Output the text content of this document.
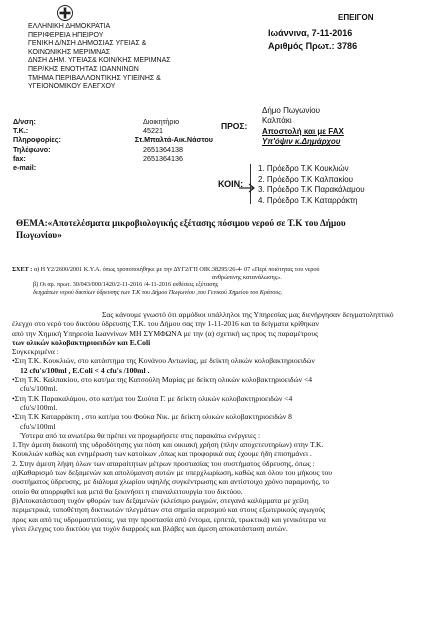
ΕΛΛΗΝΙΚΗ ΔΗΜΟΚΡΑΤΙΑ
ΠΕΡΙΦΕΡΕΙΑ ΗΠΕΙΡΟΥ
ΓΕΝΙΚΗ Δ/ΝΣΗ ΔΗΜΟΣΙΑΣ ΥΓΕΙΑΣ &
ΚΟΙΝΩΝΙΚΗΣ ΜΕΡΙΜΝΑΣ
ΔΝΣΗ ΔΗΜ. ΥΓΕΙΑΣ& ΚΟΙΝ/ΚΗΣ ΜΕΡΙΜΝΑΣ
ΠΕΡ/ΚΗΣ ΕΝΟΤΗΤΑΣ ΙΩΑΝΝΙΝΩΝ
ΤΜΗΜΑ ΠΕΡΙΒΑΛΛΟΝΤΙΚΗΣ ΥΓΙΕΙΝΗΣ &
ΥΓΕΙΟΝΟΜΙΚΟΥ ΕΛΕΓΧΟΥ
ΕΠΕΙΓΟΝ
Ιωάννινα, 7-11-2016
Αριθμός Πρωτ.: 3786
Δ/νση:	Διοικητήριο
Τ.Κ.:	45221
Πληροφορίες:	Στ.Μπαλτά-Αικ.Νάστου
Τηλέφωνο:	2651364138
fax:	2651364136
e-mail:
ΠΡΟΣ:
Δήμο Πωγωνίου
Καλπάκι
Αποστολή και με FAX
Υπ'όψιν κ.Δημάρχου
ΚΟΙΝ:
1. Πρόεδρο Τ.Κ Κουκλιών
2. Πρόεδρο Τ.Κ Καλπακίου
3. Πρόεδρο Τ.Κ Παρακάλαμου
4. Πρόεδρο Τ.Κ Καταρράκτη
ΘΕΜΑ:«Αποτελέσματα μικροβιολογικής εξέτασης πόσιμου νερού σε Τ.Κ του Δήμου
Πωγωνίου»
ΣΧΕΤ : α) Η Υ2/2600/2001 Κ.Υ.Α. όπως τροποποιήθηκε με την ΔΥΓ2/ΓΠ ΟΙΚ.38295/26-4- 07 «Περί ποιότητας του νερού
ανθρώπινης κατανάλωσης».
β) Οι αρ. πρωτ. 30/043/000/1420/2-11-2016 /4-11-2016 εκθέσεις εξέτασης
δειγμάτων νερού δικτύων ύδρευσης των Τ.Κ του Δήμου Πωγωνίου ,του Γενικού Χημείου του Κράτους.
Σας κάνουμε γνωστό ότι αρμόδιοι υπάλληλοι της Υπηρεσίας μας διενήργησαν δειγματοληπτικό
έλεγχο στο νερό του δικτύου ύδρευσης Τ.Κ. του Δήμου σας την 1-11-2016 και τα δείγματα κρίθηκαν
από την Χημική Υπηρεσία Ιωαννίνων ΜΗ ΣΥΜΦΩΝΑ με την (α) σχετική ως προς τις παραμέτρους
των ολικών κολοβακτηριοειδών και E.Coli
Συγκεκριμένα :
•Στη Τ.Κ. Κουκλιών, στο κατάστημα της Κονάνου Αντωνίας, με δείκτη ολικών κολοβακτηριοειδών
12 cfu's/100ml , E.Coli < 4 cfu's /100ml .
•Στη Τ.Κ. Καλπακίου, στο κατ/μα της Κατσούλη Μαρίας με δείκτη ολικών κολοβακτηριοειδών <4
cfu's/100ml.
•Στη Τ.Κ Παρακαλάμου, στο κατ/μα του Σιούτα Γ. με δείκτη ολικών κολοβακτηριοειδών <4
cfu's/100ml.
•Στη Τ.Κ Καταρράκτη , στο κατ/μα του Φούκα Νικ. με δείκτη ολικών κολοβακτηριοειδών 8
cfu's/100ml
Ύστερα από τα ανωτέρω θα πρέπει να προχωρήσετε στις παρακάτω ενέργειες :
1.Την άμεση διακοπή της υδροδότησης για πόση και οικιακή χρήση (πλην αποχετευτηρίων) στην Τ.Κ.
Κουκλιών καθώς και ενημέρωση των κατοίκων ,όπως και προφορικά σας έχουμε ήδη επισημάνει .
2. Στην άμεση λήψη όλων των απαραίτητων μέτρων προστασίας του συστήματος ύδρευσης, όπως :
α)Καθαρισμό των δεξαμενών και απολύμανση αυτών με υπερχλωρίωση, καθώς και όλου του μήκους του
συστήματος ύδρευσης, με διάλυμα χλωρίου υψηλής συγκέντρωσης και αντίστοιχο χρόνο παραμονής, το
οποίο θα απορριφθεί και μετά θα ξεκινήσει η επαναλειτουργία του δικτύου.
β)Αποκατάσταση τυχόν φθορών των δεξαμενών (κλείσιμο ρωγμών, στεγανά καλύμματα με χείλη
περιμετρικά, τοποθέτηση δικτυωτών πλεγμάτων στα σημεία αερισμού και στους εξωτερικούς αγωγούς
προς και από τις υδρομαστεύσεις, για την προστασία από έντομα, ερπετά, τρωκτικά) και γενικότερα να
γίνει έλεγχος του δικτύου για τυχόν διαρροές και βλάβες και άμεση αποκατάσταση αυτών.
